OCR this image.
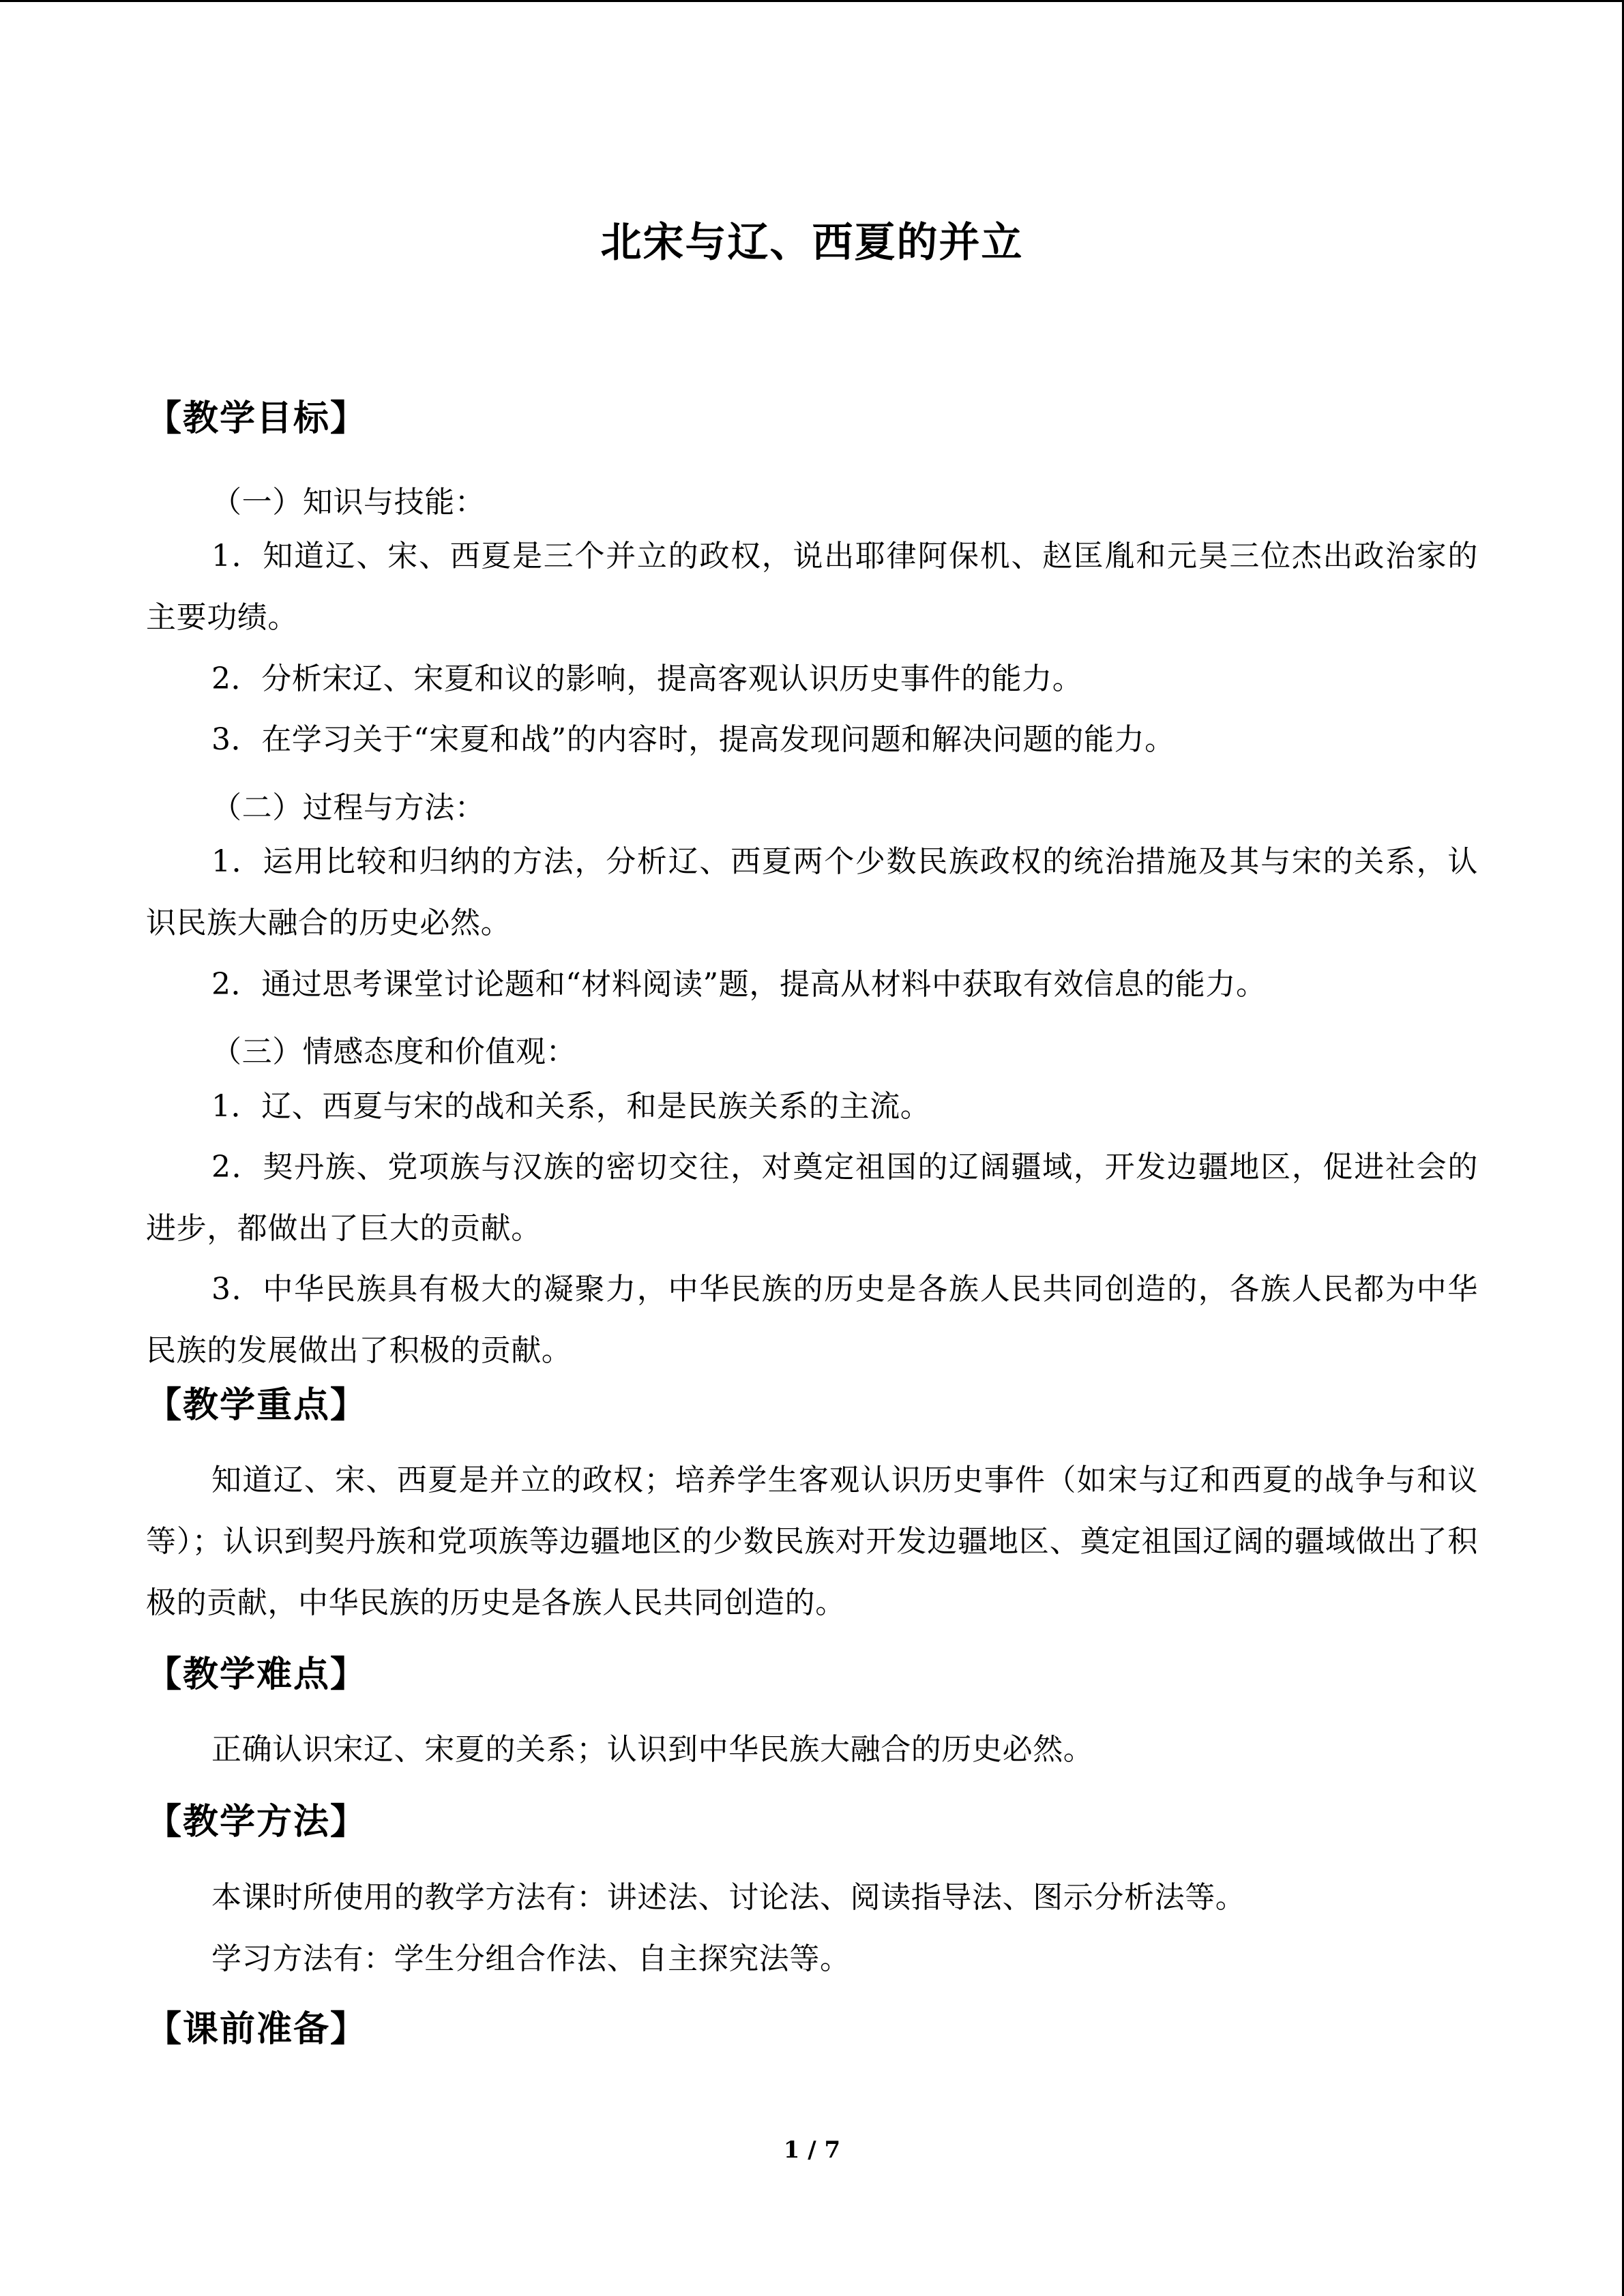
北宋与辽、西夏的并立
【教学目标】
（一）知识与技能：
1．知道辽、宋、西夏是三个并立的政权，说出耶律阿保机、赵匡胤和元昊三位杰出政治家的主要功绩。
2．分析宋辽、宋夏和议的影响，提高客观认识历史事件的能力。
3．在学习关于“宋夏和战”的内容时，提高发现问题和解决问题的能力。
（二）过程与方法：
1．运用比较和归纳的方法，分析辽、西夏两个少数民族政权的统治措施及其与宋的关系，认识民族大融合的历史必然。
2．通过思考课堂讨论题和“材料阅读”题，提高从材料中获取有效信息的能力。
（三）情感态度和价值观：
1．辽、西夏与宋的战和关系，和是民族关系的主流。
2．契丹族、党项族与汉族的密切交往，对奠定祖国的辽阔疆域，开发边疆地区，促进社会的进步，都做出了巨大的贡献。
3．中华民族具有极大的凝聚力，中华民族的历史是各族人民共同创造的，各族人民都为中华民族的发展做出了积极的贡献。
【教学重点】
知道辽、宋、西夏是并立的政权；培养学生客观认识历史事件（如宋与辽和西夏的战争与和议等）；认识到契丹族和党项族等边疆地区的少数民族对开发边疆地区、奠定祖国辽阔的疆域做出了积极的贡献，中华民族的历史是各族人民共同创造的。
【教学难点】
正确认识宋辽、宋夏的关系；认识到中华民族大融合的历史必然。
【教学方法】
本课时所使用的教学方法有：讲述法、讨论法、阅读指导法、图示分析法等。
学习方法有：学生分组合作法、自主探究法等。
【课前准备】
1 / 7
